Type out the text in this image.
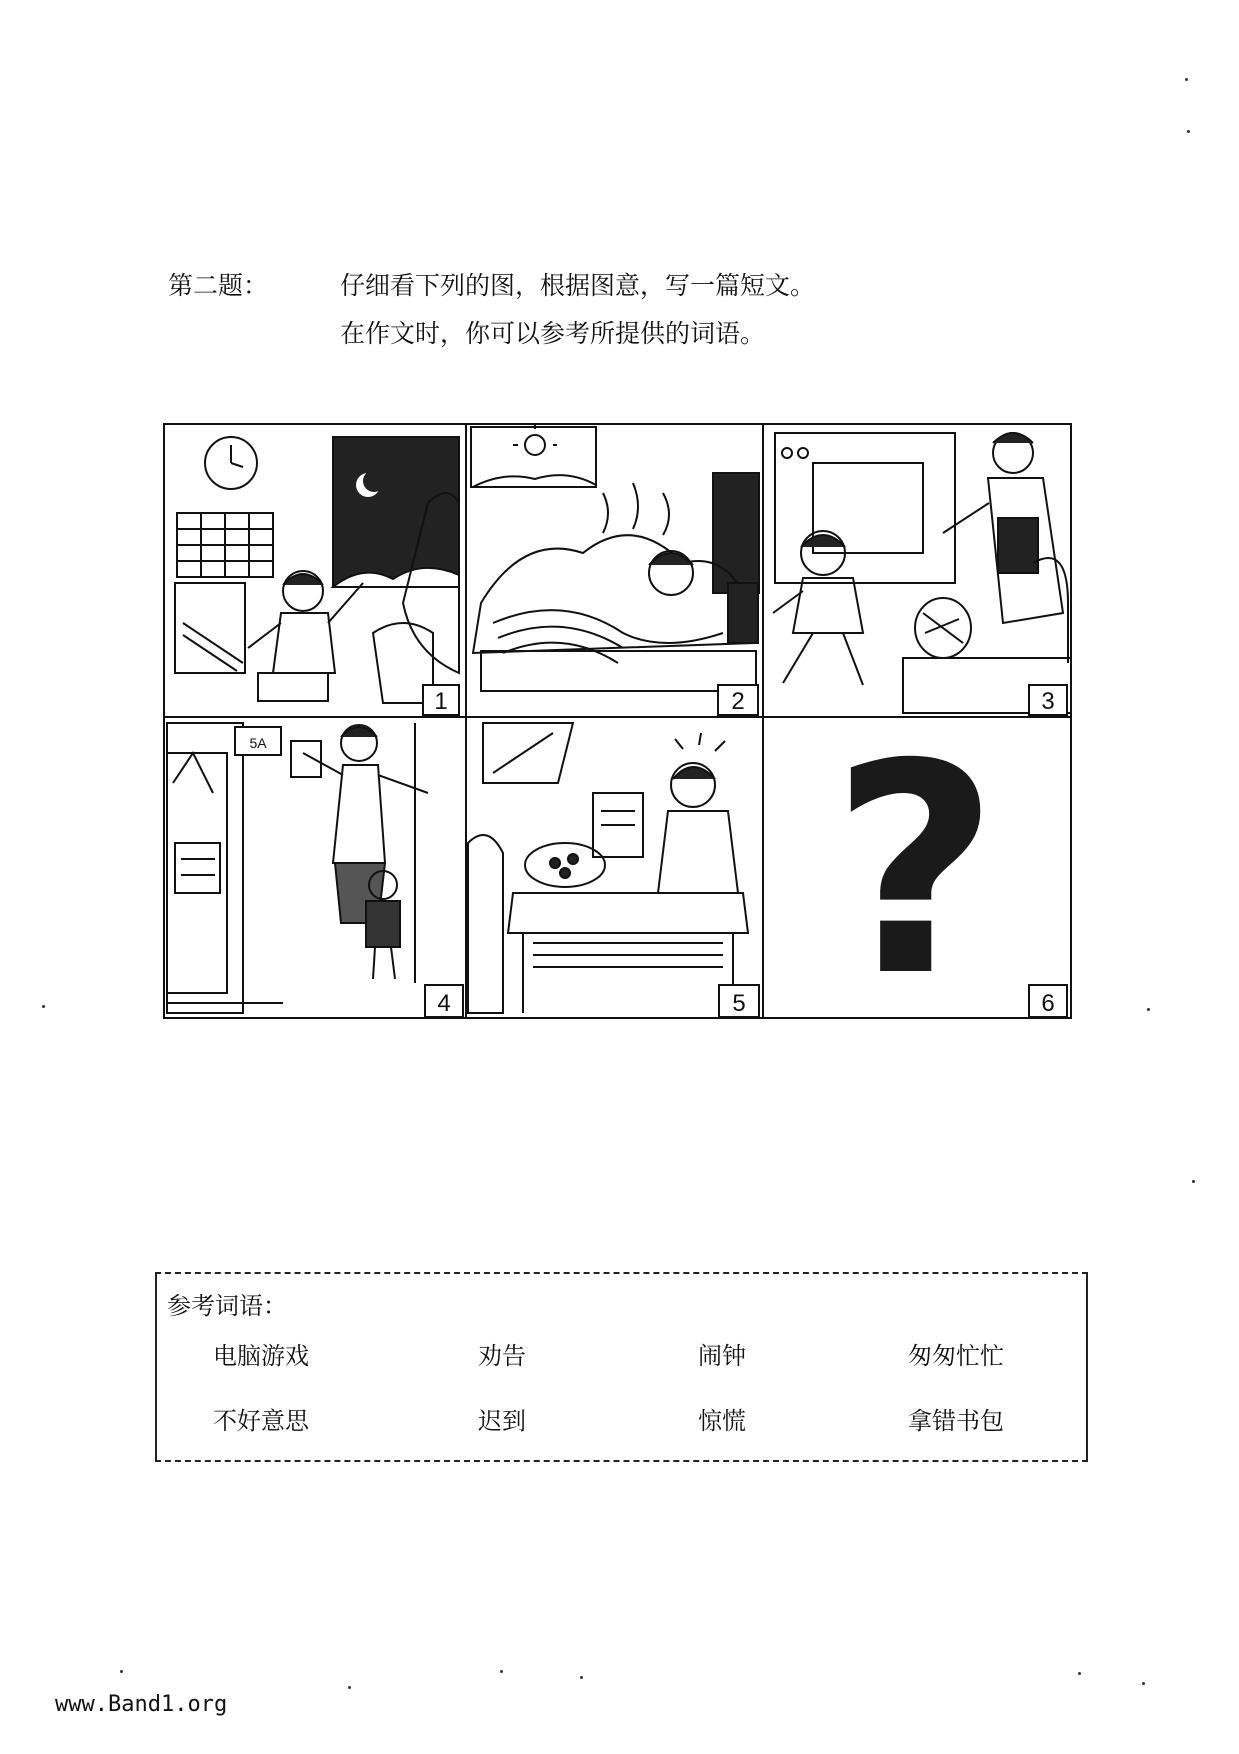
第二题：	仔细看下列的图，根据图意，写一篇短文。
在作文时，你可以参考所提供的词语。
1	2	3
5A
4	5 ? 6
参考词语：
电脑游戏	劝告	闹钟	匆匆忙忙
不好意思	迟到	惊慌	拿错书包
www.Band1.org
